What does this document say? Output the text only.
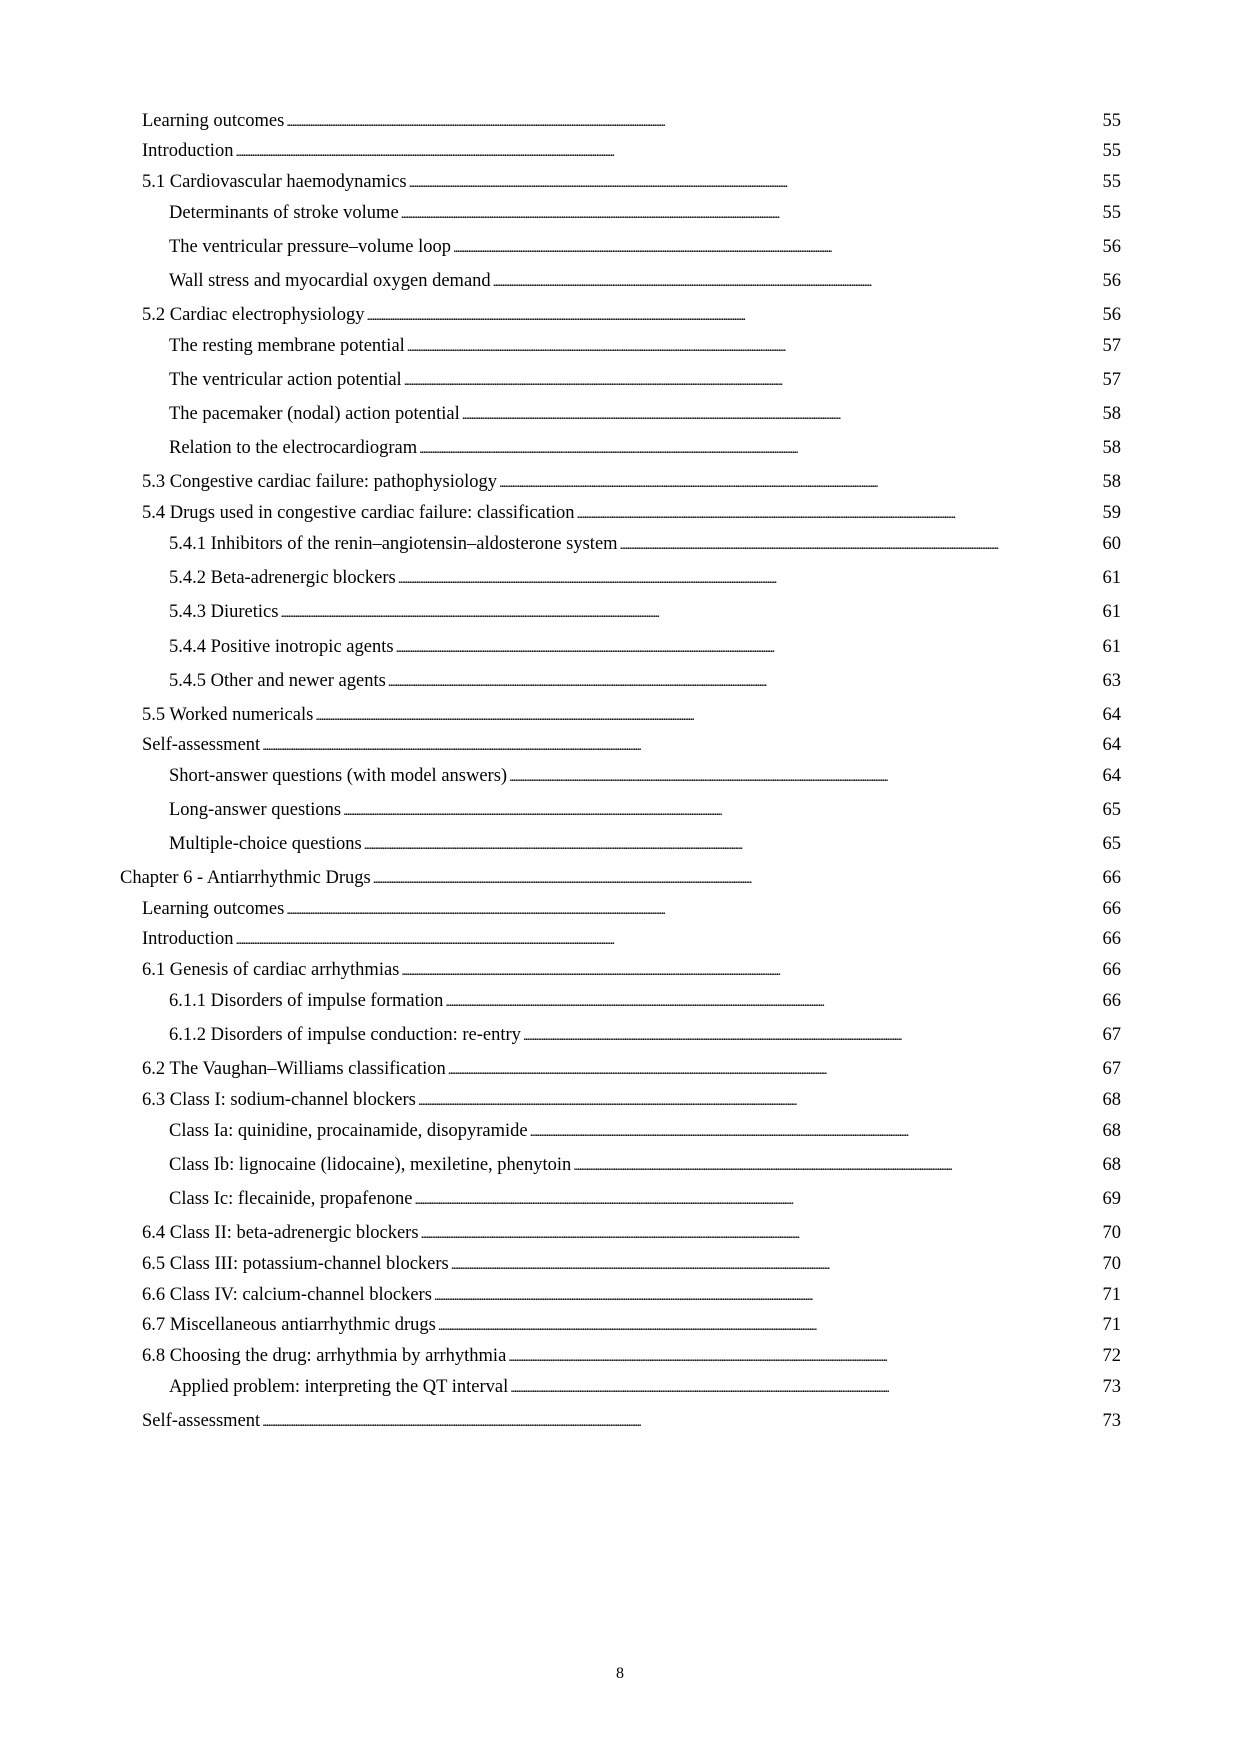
Learning outcomes . . .	55
Introduction . . .	55
5.1 Cardiovascular haemodynamics . . .	55
Determinants of stroke volume . . .	55
The ventricular pressure–volume loop . . .	56
Wall stress and myocardial oxygen demand . . .	56
5.2 Cardiac electrophysiology . . .	56
The resting membrane potential . . .	57
The ventricular action potential . . .	57
The pacemaker (nodal) action potential . . .	58
Relation to the electrocardiogram . . .	58
5.3 Congestive cardiac failure: pathophysiology . . .	58
5.4 Drugs used in congestive cardiac failure: classification . . .	59
5.4.1 Inhibitors of the renin–angiotensin–aldosterone system . . .	60
5.4.2 Beta-adrenergic blockers . . .	61
5.4.3 Diuretics . . .	61
5.4.4 Positive inotropic agents . . .	61
5.4.5 Other and newer agents . . .	63
5.5 Worked numericals . . .	64
Self-assessment . . .	64
Short-answer questions (with model answers) . . .	64
Long-answer questions . . .	65
Multiple-choice questions . . .	65
Chapter 6 - Antiarrhythmic Drugs . . .	66
Learning outcomes . . .	66
Introduction . . .	66
6.1 Genesis of cardiac arrhythmias . . .	66
6.1.1 Disorders of impulse formation . . .	66
6.1.2 Disorders of impulse conduction: re-entry . . .	67
6.2 The Vaughan–Williams classification . . .	67
6.3 Class I: sodium-channel blockers . . .	68
Class Ia: quinidine, procainamide, disopyramide . . .	68
Class Ib: lignocaine (lidocaine), mexiletine, phenytoin . . .	68
Class Ic: flecainide, propafenone . . .	69
6.4 Class II: beta-adrenergic blockers . . .	70
6.5 Class III: potassium-channel blockers . . .	70
6.6 Class IV: calcium-channel blockers . . .	71
6.7 Miscellaneous antiarrhythmic drugs . . .	71
6.8 Choosing the drug: arrhythmia by arrhythmia . . .	72
Applied problem: interpreting the QT interval . . .	73
Self-assessment . . .	73
8
